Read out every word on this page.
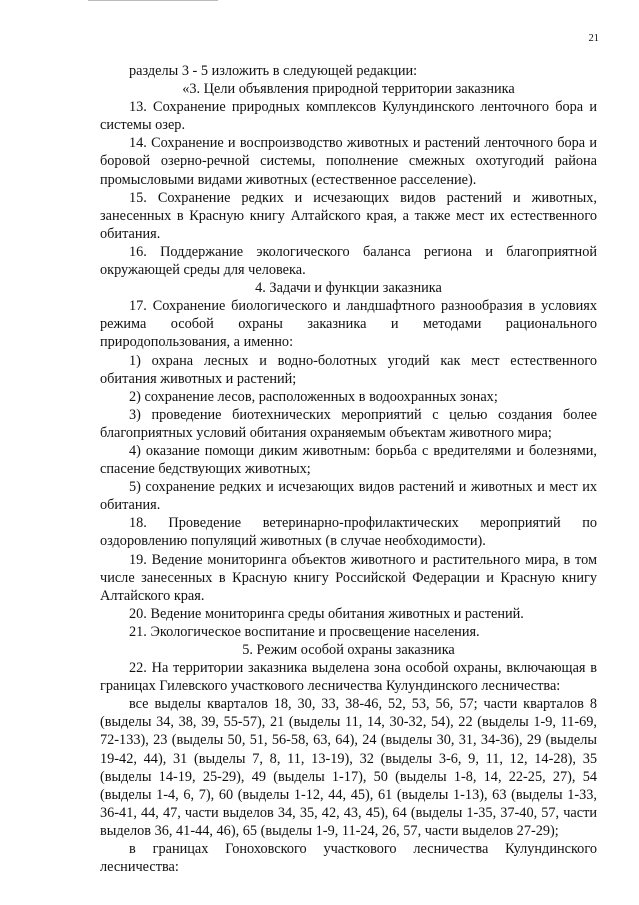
21

разделы 3 - 5 изложить в следующей редакции:

«3. Цели объявления природной территории заказника

13. Сохранение природных комплексов Кулундинского ленточного бора и системы озер.

14. Сохранение и воспроизводство животных и растений ленточного бора и боровой озерно-речной системы, пополнение смежных охотугодий района промысловыми видами животных (естественное расселение).

15. Сохранение редких и исчезающих видов растений и животных, занесенных в Красную книгу Алтайского края, а также мест их естественного обитания.

16. Поддержание экологического баланса региона и благоприятной окружающей среды для человека.

4. Задачи и функции заказника

17. Сохранение биологического и ландшафтного разнообразия в условиях режима особой охраны заказника и методами рационального природопользования, а именно:

1) охрана лесных и водно-болотных угодий как мест естественного обитания животных и растений;

2) сохранение лесов, расположенных в водоохранных зонах;

3) проведение биотехнических мероприятий с целью создания более благоприятных условий обитания охраняемым объектам животного мира;

4) оказание помощи диким животным: борьба с вредителями и болезнями, спасение бедствующих животных;

5) сохранение редких и исчезающих видов растений и животных и мест их обитания.

18. Проведение ветеринарно-профилактических мероприятий по оздоровлению популяций животных (в случае необходимости).

19. Ведение мониторинга объектов животного и растительного мира, в том числе занесенных в Красную книгу Российской Федерации и Красную книгу Алтайского края.

20. Ведение мониторинга среды обитания животных и растений.

21. Экологическое воспитание и просвещение населения.

5. Режим особой охраны заказника

22. На территории заказника выделена зона особой охраны, включающая в границах Гилевского участкового лесничества Кулундинского лесничества:

все выделы кварталов 18, 30, 33, 38-46, 52, 53, 56, 57; части кварталов 8 (выделы 34, 38, 39, 55-57), 21 (выделы 11, 14, 30-32, 54), 22 (выделы 1-9, 11-69, 72-133), 23 (выделы 50, 51, 56-58, 63, 64), 24 (выделы 30, 31, 34-36), 29 (выделы 19-42, 44), 31 (выделы 7, 8, 11, 13-19), 32 (выделы 3-6, 9, 11, 12, 14-28), 35 (выделы 14-19, 25-29), 49 (выделы 1-17), 50 (выделы 1-8, 14, 22-25, 27), 54 (выделы 1-4, 6, 7), 60 (выделы 1-12, 44, 45), 61 (выделы 1-13), 63 (выделы 1-33, 36-41, 44, 47, части выделов 34, 35, 42, 43, 45), 64 (выделы 1-35, 37-40, 57, части выделов 36, 41-44, 46), 65 (выделы 1-9, 11-24, 26, 57, части выделов 27-29);

в границах Гоноховского участкового лесничества Кулундинского лесничества:
